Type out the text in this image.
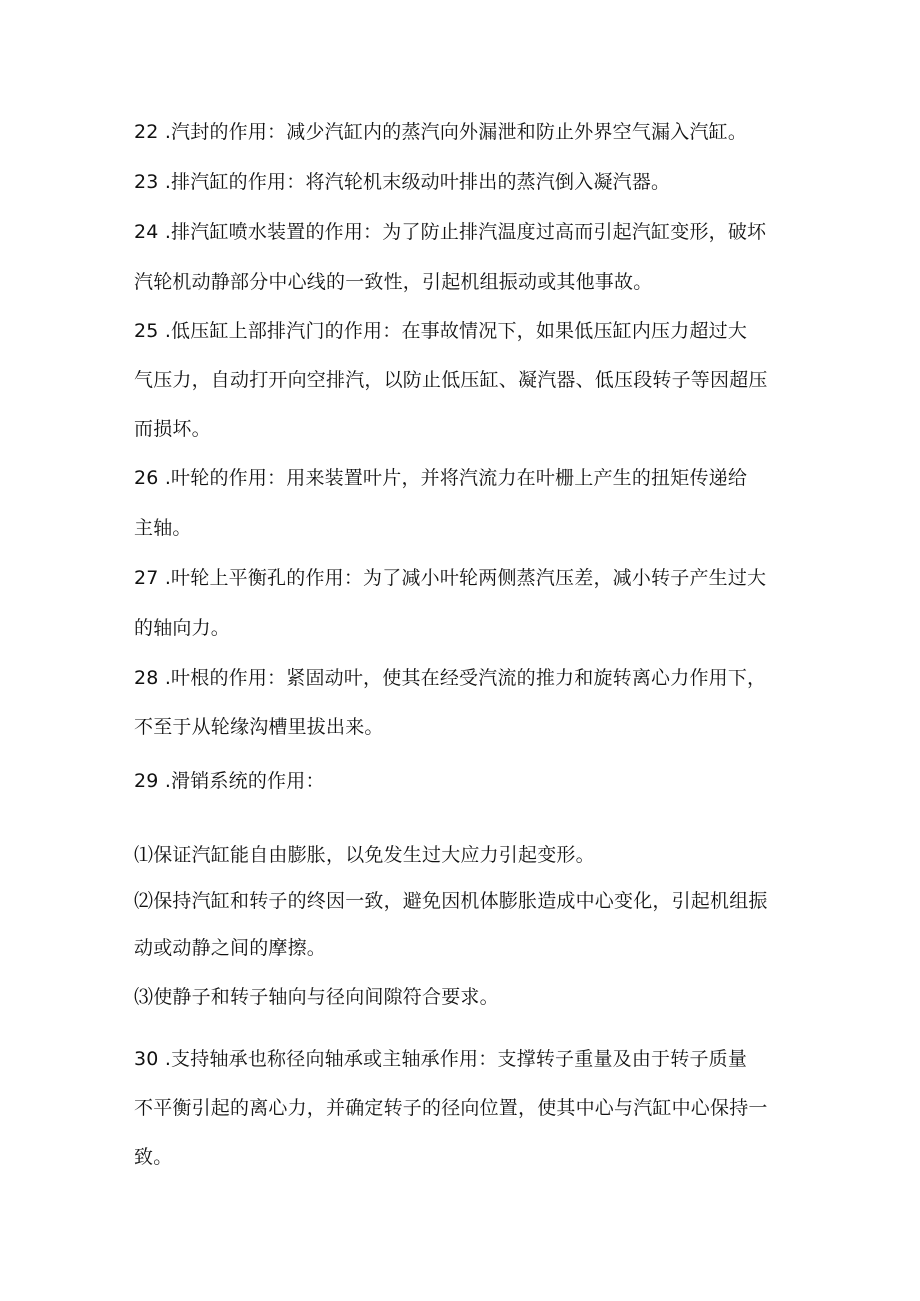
22 .汽封的作用：减少汽缸内的蒸汽向外漏泄和防止外界空气漏入汽缸。
23 .排汽缸的作用：将汽轮机末级动叶排出的蒸汽倒入凝汽器。
24 .排汽缸喷水装置的作用：为了防止排汽温度过高而引起汽缸变形，破坏
汽轮机动静部分中心线的一致性，引起机组振动或其他事故。
25 .低压缸上部排汽门的作用：在事故情况下，如果低压缸内压力超过大
气压力，自动打开向空排汽，以防止低压缸、凝汽器、低压段转子等因超压
而损坏。
26 .叶轮的作用：用来装置叶片，并将汽流力在叶栅上产生的扭矩传递给
主轴。
27 .叶轮上平衡孔的作用：为了减小叶轮两侧蒸汽压差，减小转子产生过大
的轴向力。
28 .叶根的作用：紧固动叶，使其在经受汽流的推力和旋转离心力作用下，
不至于从轮缘沟槽里拔出来。
29 .滑销系统的作用：
⑴保证汽缸能自由膨胀，以免发生过大应力引起变形。
⑵保持汽缸和转子的终因一致，避免因机体膨胀造成中心变化，引起机组振
动或动静之间的摩擦。
⑶使静子和转子轴向与径向间隙符合要求。
30 .支持轴承也称径向轴承或主轴承作用：支撑转子重量及由于转子质量
不平衡引起的离心力，并确定转子的径向位置，使其中心与汽缸中心保持一
致。
